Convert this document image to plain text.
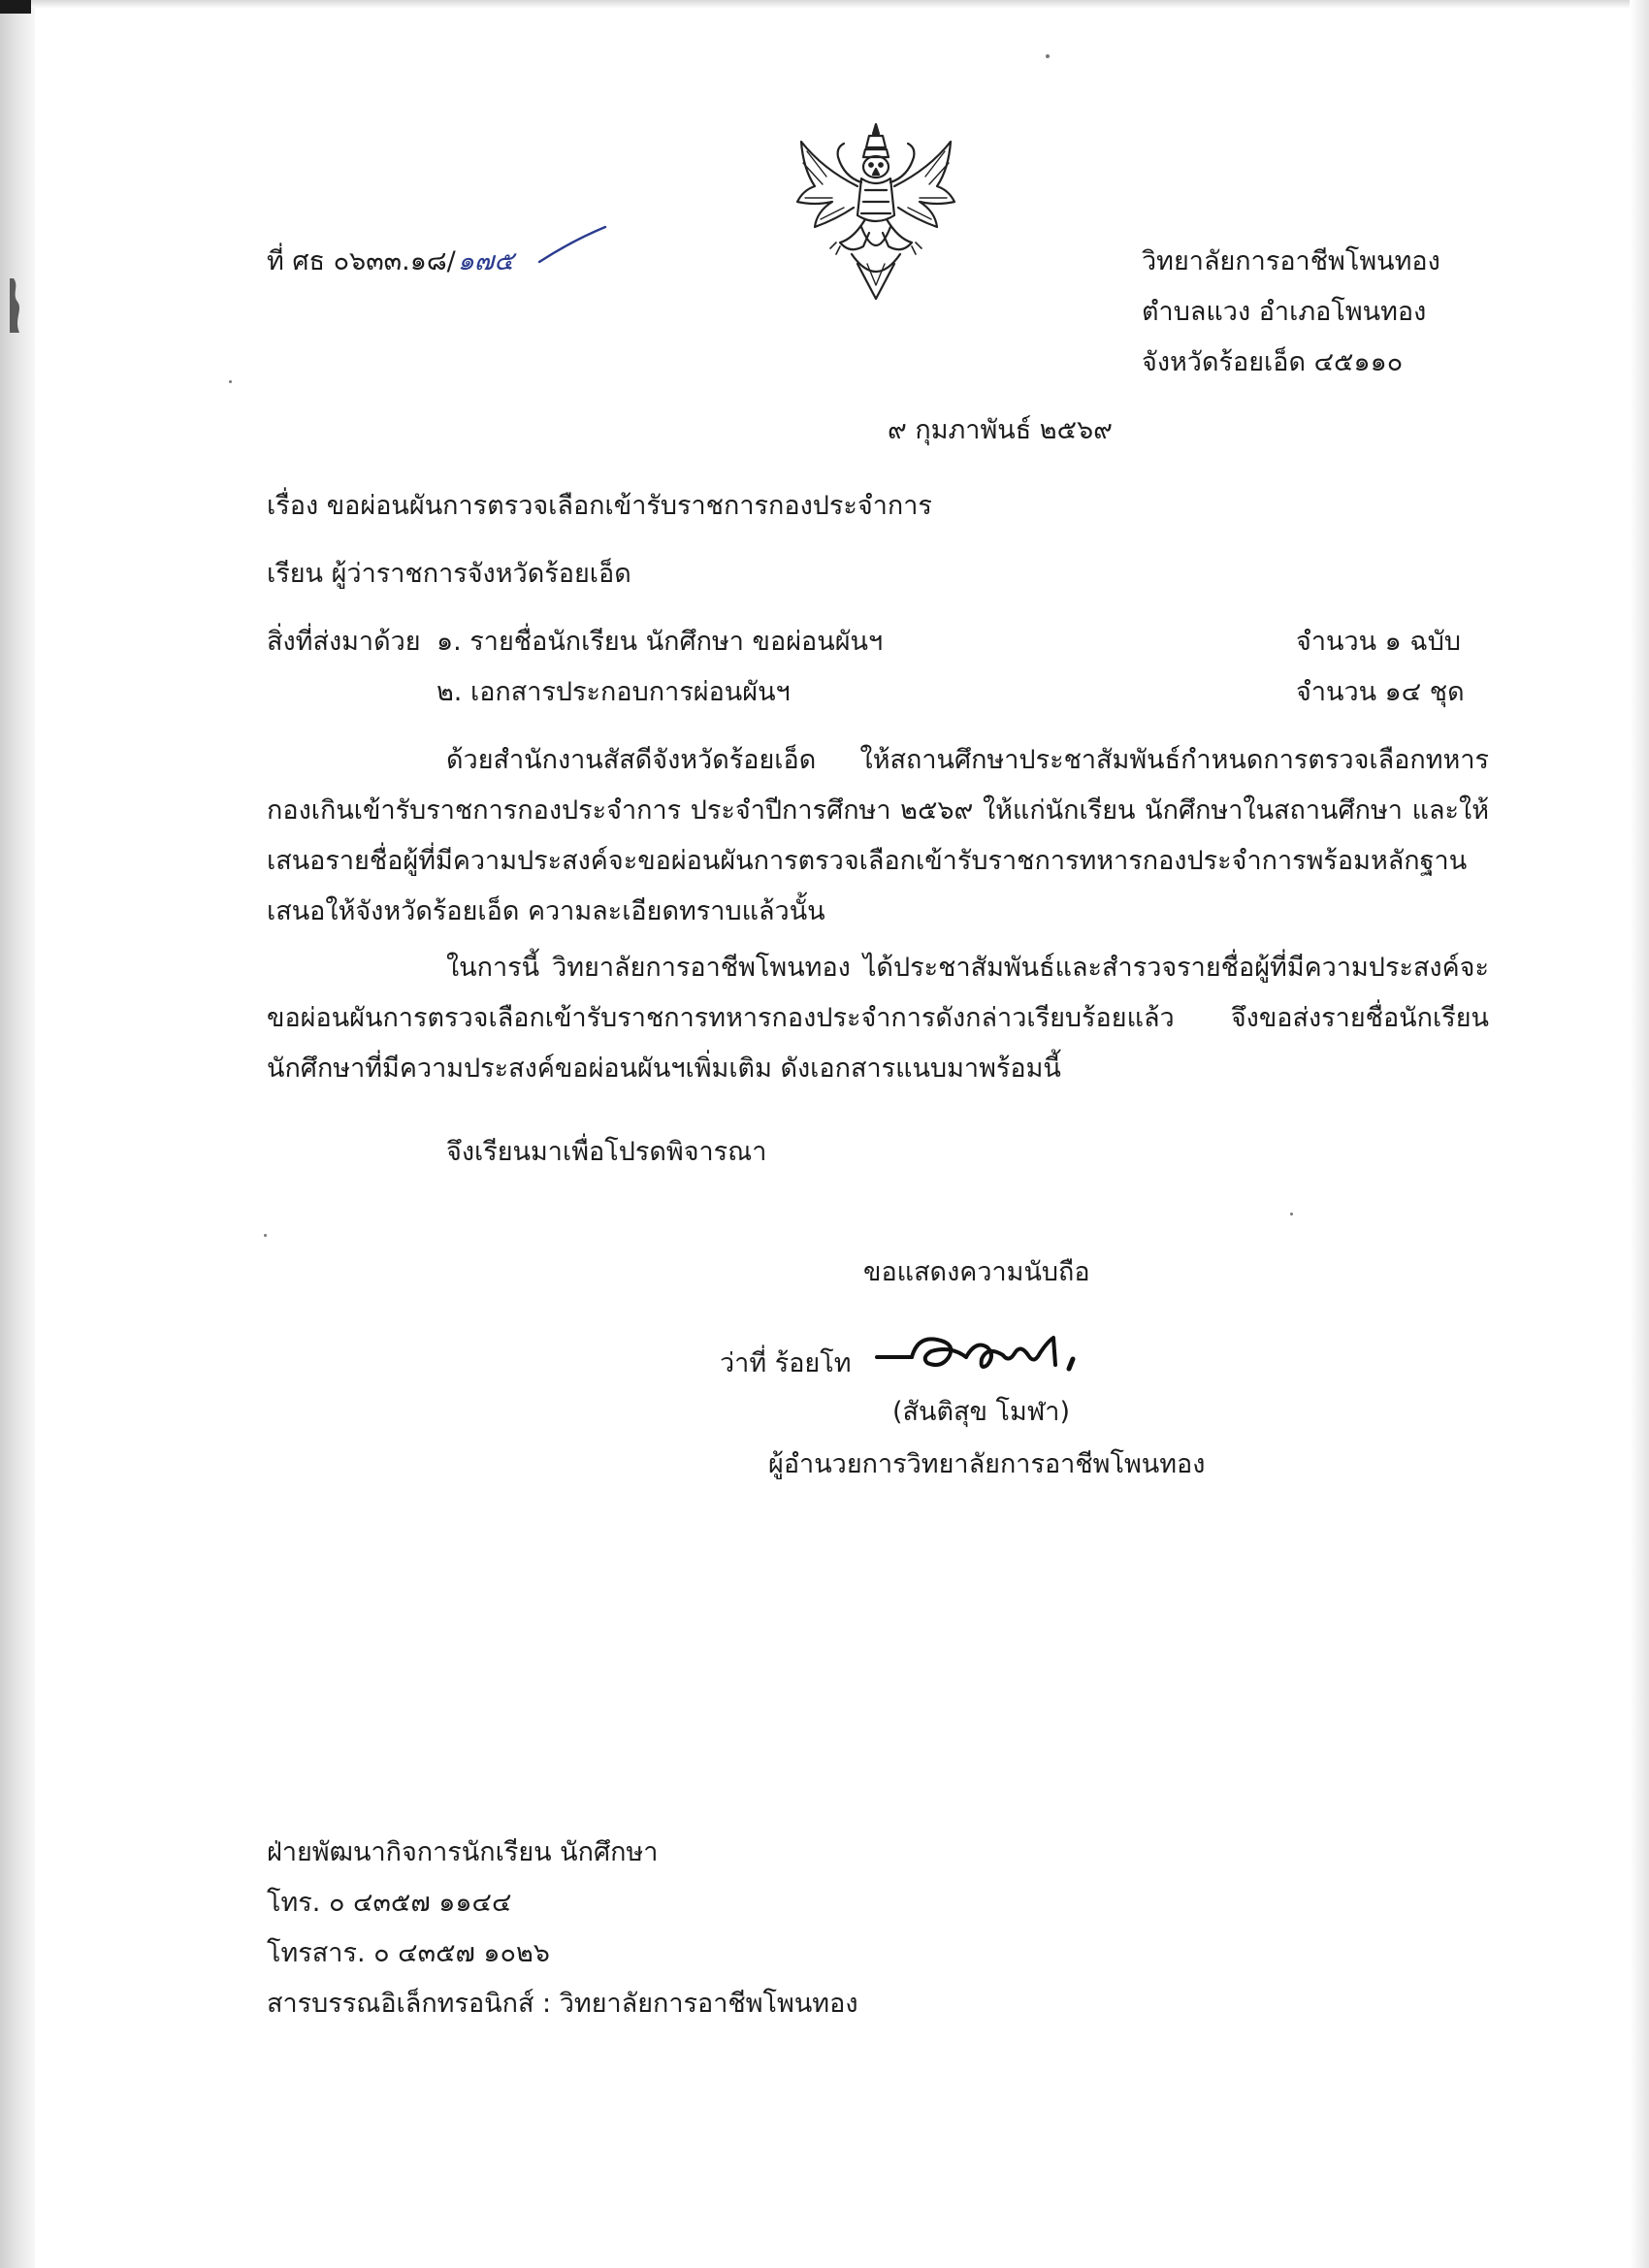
ที่ ศธ ๐๖๓๓.๑๘/๑๗๕	วิทยาลัยการอาชีพโพนทอง
ตำบลแวง อำเภอโพนทอง
จังหวัดร้อยเอ็ด ๔๕๑๑๐
๙ กุมภาพันธ์ ๒๕๖๙
เรื่อง ขอผ่อนผันการตรวจเลือกเข้ารับราชการกองประจำการ
เรียน ผู้ว่าราชการจังหวัดร้อยเอ็ด
สิ่งที่ส่งมาด้วย ๑. รายชื่อนักเรียน นักศึกษา ขอผ่อนผันฯ	จำนวน ๑ ฉบับ
๒. เอกสารประกอบการผ่อนผันฯ	จำนวน ๑๔ ชุด
ด้วยสำนักงานสัสดีจังหวัดร้อยเอ็ด ให้สถานศึกษาประชาสัมพันธ์กำหนดการตรวจเลือกทหารกองเกินเข้ารับราชการกองประจำการ ประจำปีการศึกษา ๒๕๖๙ ให้แก่นักเรียน นักศึกษาในสถานศึกษา และให้เสนอรายชื่อผู้ที่มีความประสงค์จะขอผ่อนผันการตรวจเลือกเข้ารับราชการทหารกองประจำการพร้อมหลักฐานเสนอให้จังหวัดร้อยเอ็ด ความละเอียดทราบแล้วนั้น
ในการนี้ วิทยาลัยการอาชีพโพนทอง ได้ประชาสัมพันธ์และสำรวจรายชื่อผู้ที่มีความประสงค์จะขอผ่อนผันการตรวจเลือกเข้ารับราชการทหารกองประจำการดังกล่าวเรียบร้อยแล้ว จึงขอส่งรายชื่อนักเรียนนักศึกษาที่มีความประสงค์ขอผ่อนผันฯเพิ่มเติม ดังเอกสารแนบมาพร้อมนี้
จึงเรียนมาเพื่อโปรดพิจารณา
ขอแสดงความนับถือ
ว่าที่ ร้อยโท
(สันติสุข โมฬา)
ผู้อำนวยการวิทยาลัยการอาชีพโพนทอง
ฝ่ายพัฒนากิจการนักเรียน นักศึกษา
โทร. ๐ ๔๓๕๗ ๑๑๔๔
โทรสาร. ๐ ๔๓๕๗ ๑๐๒๖
สารบรรณอิเล็กทรอนิกส์ : วิทยาลัยการอาชีพโพนทอง
